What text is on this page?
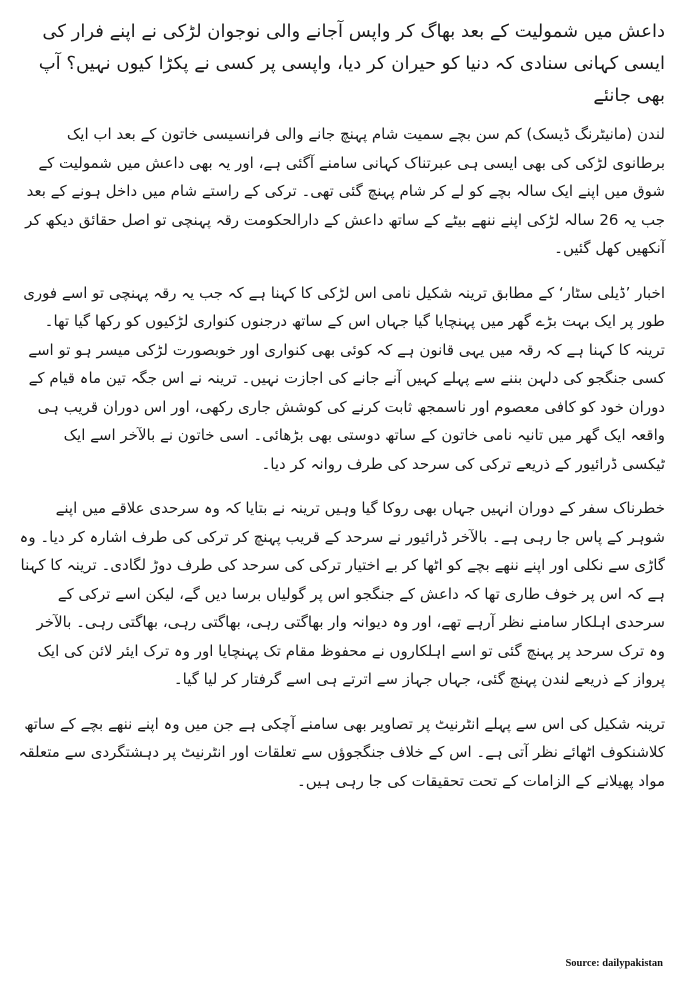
داعش میں شمولیت کے بعد بھاگ کر واپس آجانے والی نوجوان لڑکی نے اپنے فرار کی ایسی کہانی سنادی کہ دنیا کو حیران کر دیا، واپسی پر کسی نے پکڑا کیوں نہیں؟ آپ بھی جانئے

لندن (مانیٹرنگ ڈیسک) کم سن بچے سمیت شام پہنچ جانے والی فرانسیسی خاتون کے بعد اب ایک برطانوی لڑکی کی بھی ایسی ہی عبرتناک کہانی سامنے آگئی ہے، اور یہ بھی داعش میں شمولیت کے شوق میں اپنے ایک سالہ بچے کو لے کر شام پہنچ گئی تھی۔ ترکی کے راستے شام میں داخل ہونے کے بعد جب یہ 26 سالہ لڑکی اپنے ننھے بیٹے کے ساتھ داعش کے دارالحکومت رقہ پہنچی تو اصل حقائق دیکھ کر آنکھیں کھل گئیں۔

اخبار ’ڈیلی سٹار‘ کے مطابق ترینہ شکیل نامی اس لڑکی کا کہنا ہے کہ جب یہ رقہ پہنچی تو اسے فوری طور پر ایک بہت بڑے گھر میں پہنچایا گیا جہاں اس کے ساتھ درجنوں کنواری لڑکیوں کو رکھا گیا تھا۔ ترینہ کا کہنا ہے کہ رقہ میں یہی قانون ہے کہ کوئی بھی کنواری اور خوبصورت لڑکی میسر ہو تو اسے کسی جنگجو کی دلہن بننے سے پہلے کہیں آنے جانے کی اجازت نہیں۔ ترینہ نے اس جگہ تین ماہ قیام کے دوران خود کو کافی معصوم اور ناسمجھ ثابت کرنے کی کوشش جاری رکھی، اور اس دوران قریب ہی واقعہ ایک گھر میں تانیہ نامی خاتون کے ساتھ دوستی بھی بڑھائی۔ اسی خاتون نے بالآخر اسے ایک ٹیکسی ڈرائیور کے ذریعے ترکی کی سرحد کی طرف روانہ کر دیا۔

خطرناک سفر کے دوران انہیں جہاں بھی روکا گیا وہیں ترینہ نے بتایا کہ وہ سرحدی علاقے میں اپنے شوہر کے پاس جا رہی ہے۔ بالآخر ڈرائیور نے سرحد کے قریب پہنچ کر ترکی کی طرف اشارہ کر دیا۔ وہ گاڑی سے نکلی اور اپنے ننھے بچے کو اٹھا کر بے اختیار ترکی کی سرحد کی طرف دوڑ لگادی۔ ترینہ کا کہنا ہے کہ اس پر خوف طاری تھا کہ داعش کے جنگجو اس پر گولیاں برسا دیں گے، لیکن اسے ترکی کے سرحدی اہلکار سامنے نظر آرہے تھے، اور وہ دیوانہ وار بھاگتی رہی، بھاگتی رہی، بھاگتی رہی۔ بالآخر وہ ترک سرحد پر پہنچ گئی تو اسے اہلکاروں نے محفوظ مقام تک پہنچایا اور وہ ترک ایئر لائن کی ایک پرواز کے ذریعے لندن پہنچ گئی، جہاں جہاز سے اترتے ہی اسے گرفتار کر لیا گیا۔

ترینہ شکیل کی اس سے پہلے انٹرنیٹ پر تصاویر بھی سامنے آچکی ہے جن میں وہ اپنے ننھے بچے کے ساتھ کلاشنکوف اٹھائے نظر آتی ہے۔ اس کے خلاف جنگجوؤں سے تعلقات اور انٹرنیٹ پر دہشتگردی سے متعلقہ مواد پھیلانے کے الزامات کے تحت تحقیقات کی جا رہی ہیں۔

Source: dailypakistan
